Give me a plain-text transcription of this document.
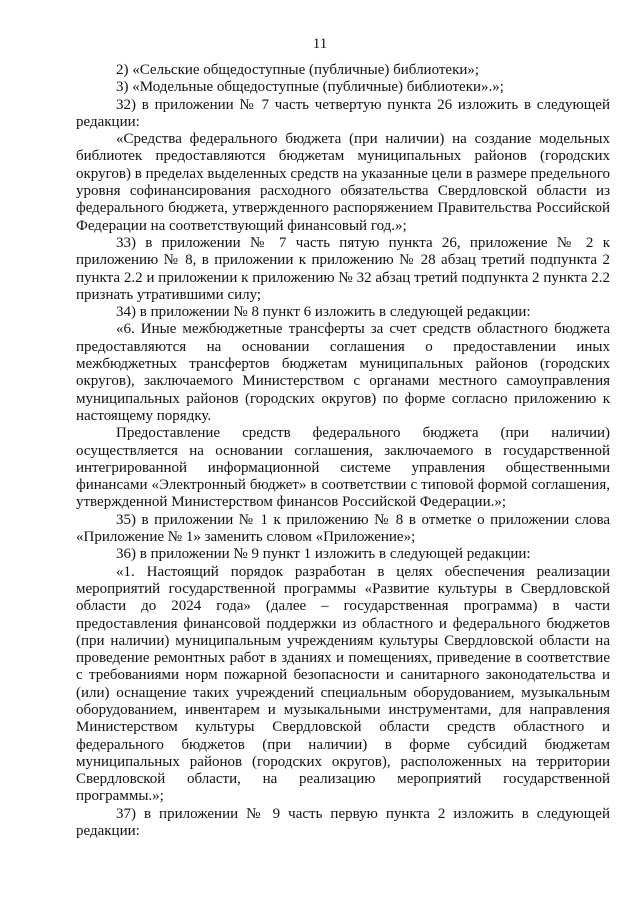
11

2) «Сельские общедоступные (публичные) библиотеки»;

3) «Модельные общедоступные (публичные) библиотеки».»;

32) в приложении № 7 часть четвертую пункта 26 изложить в следующей редакции:

«Средства федерального бюджета (при наличии) на создание модельных библиотек предоставляются бюджетам муниципальных районов (городских округов) в пределах выделенных средств на указанные цели в размере предельного уровня софинансирования расходного обязательства Свердловской области из федерального бюджета, утвержденного распоряжением Правительства Российской Федерации на соответствующий финансовый год.»;

33) в приложении № 7 часть пятую пункта 26, приложение № 2 к приложению № 8, в приложении к приложению № 28 абзац третий подпункта 2 пункта 2.2 и приложении к приложению № 32 абзац третий подпункта 2 пункта 2.2 признать утратившими силу;

34) в приложении № 8 пункт 6 изложить в следующей редакции:

«6. Иные межбюджетные трансферты за счет средств областного бюджета предоставляются на основании соглашения о предоставлении иных межбюджетных трансфертов бюджетам муниципальных районов (городских округов), заключаемого Министерством с органами местного самоуправления муниципальных районов (городских округов) по форме согласно приложению к настоящему порядку.

Предоставление средств федерального бюджета (при наличии) осуществляется на основании соглашения, заключаемого в государственной интегрированной информационной системе управления общественными финансами «Электронный бюджет» в соответствии с типовой формой соглашения, утвержденной Министерством финансов Российской Федерации.»;

35) в приложении № 1 к приложению № 8 в отметке о приложении слова «Приложение № 1» заменить словом «Приложение»;

36) в приложении № 9 пункт 1 изложить в следующей редакции:

«1. Настоящий порядок разработан в целях обеспечения реализации мероприятий государственной программы «Развитие культуры в Свердловской области до 2024 года» (далее – государственная программа) в части предоставления финансовой поддержки из областного и федерального бюджетов (при наличии) муниципальным учреждениям культуры Свердловской области на проведение ремонтных работ в зданиях и помещениях, приведение в соответствие с требованиями норм пожарной безопасности и санитарного законодательства и (или) оснащение таких учреждений специальным оборудованием, музыкальным оборудованием, инвентарем и музыкальными инструментами, для направления Министерством культуры Свердловской области средств областного и федерального бюджетов (при наличии) в форме субсидий бюджетам муниципальных районов (городских округов), расположенных на территории Свердловской области, на реализацию мероприятий государственной программы.»;

37) в приложении № 9 часть первую пункта 2 изложить в следующей редакции:
